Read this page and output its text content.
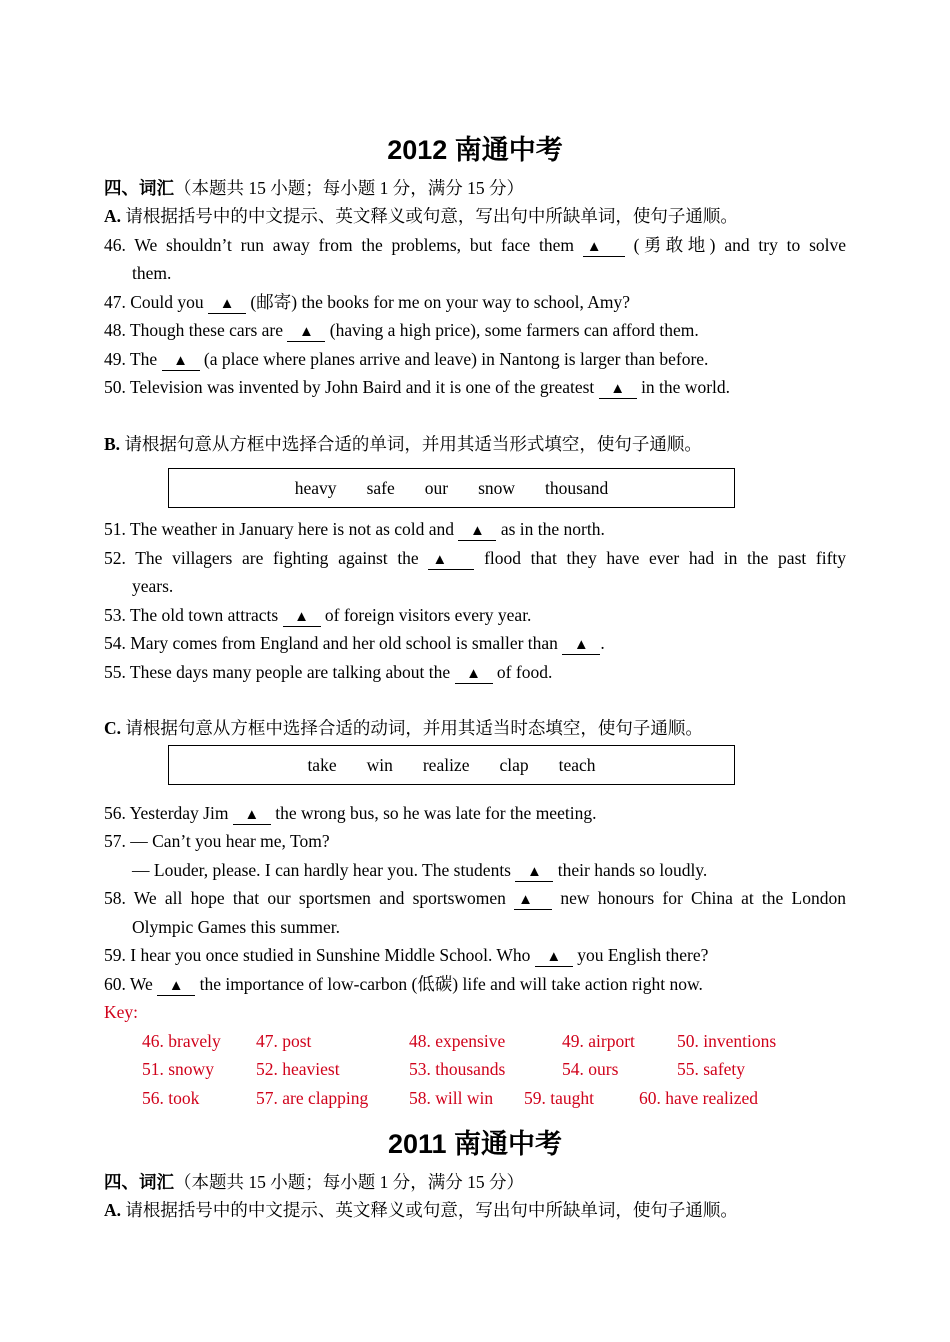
2012 南通中考
四、词汇（本题共 15 小题；每小题 1 分，满分 15 分）
A. 请根据括号中的中文提示、英文释义或句意，写出句中所缺单词，使句子通顺。
46. We shouldn’t run away from the problems, but face them ▲ (勇敢地) and try to solve
them.
47. Could you ▲ (邮寄) the books for me on your way to school, Amy?
48. Though these cars are ▲ (having a high price), some farmers can afford them.
49. The ▲ (a place where planes arrive and leave) in Nantong is larger than before.
50. Television was invented by John Baird and it is one of the greatest ▲ in the world.
B. 请根据句意从方框中选择合适的单词，并用其适当形式填空，使句子通顺。
heavy safe our snow thousand
51. The weather in January here is not as cold and ▲ as in the north.
52. The villagers are fighting against the ▲ flood that they have ever had in the past fifty
years.
53. The old town attracts ▲ of foreign visitors every year.
54. Mary comes from England and her old school is smaller than ▲ .
55. These days many people are talking about the ▲ of food.
C. 请根据句意从方框中选择合适的动词，并用其适当时态填空，使句子通顺。
take win realize clap teach
56. Yesterday Jim ▲ the wrong bus, so he was late for the meeting.
57. — Can’t you hear me, Tom?
— Louder, please. I can hardly hear you. The students ▲ their hands so loudly.
58. We all hope that our sportsmen and sportswomen ▲ new honours for China at the London
Olympic Games this summer.
59. I hear you once studied in Sunshine Middle School. Who ▲ you English there?
60. We ▲ the importance of low-carbon (低碳) life and will take action right now.
Key:
46. bravely 47. post	48. expensive	49. airport 50. inventions
51. snowy 52. heaviest	53. thousands	54. ours	55. safety
56. took	57. are clapping 58. will win 59. taught	60. have realized
2011 南通中考
四、词汇（本题共 15 小题；每小题 1 分，满分 15 分）
A. 请根据括号中的中文提示、英文释义或句意，写出句中所缺单词，使句子通顺。
